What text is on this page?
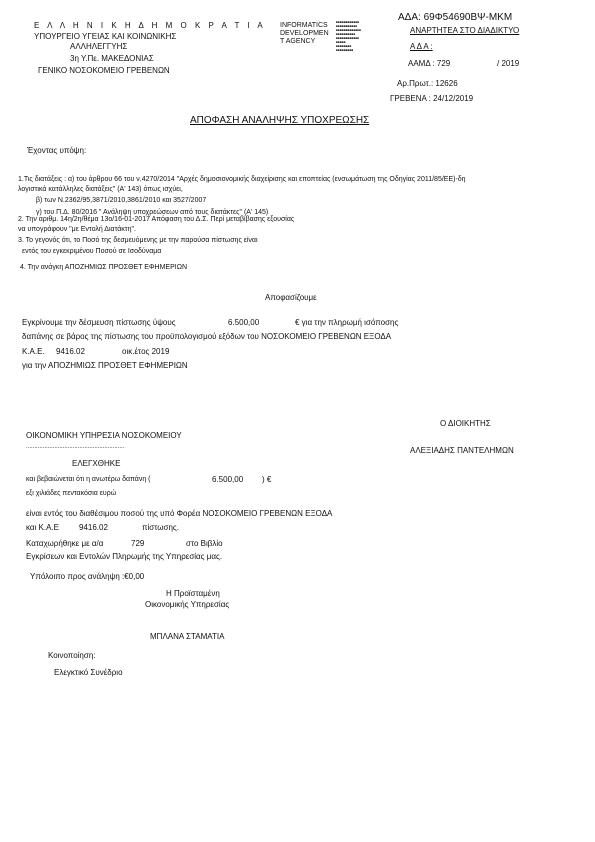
Ε Λ Λ Η Ν Ι Κ Η Δ Η Μ Ο Κ Ρ Α Τ Ι Α
ΥΠΟΥΡΓΕΙΟ ΥΓΕΙΑΣ ΚΑΙ ΚΟΙΝΩΝΙΚΗΣ
ΑΛΛΗΛΕΓΓΥΗΣ
3η Υ.Πε. ΜΑΚΕΔΟΝΙΑΣ
ΓΕΝΙΚΟ ΝΟΣΟΚΟΜΕΙΟ ΓΡΕΒΕΝΩΝ
INFORMATICS
DEVELOPMEN
T AGENCY
■■■■■■■■■■■■
■■■■■■■■■■■
■■■■■■■■■■■■■
■■■■■■■■■■
■■■■■■■■■■■■
■■■■■
■■■■■■■■
■■■■■■■■■
ΑΔΑ: 69Φ54690ΒΨ-ΜΚΜ
ΑΝΑΡΤΗΤΕΑ ΣΤΟ ΔΙΑΔΙΚΤΥΟ
Α Δ Α :
ΑΑΜΔ : 729	/ 2019
Αρ.Πρωτ.: 12626
ΓΡΕΒΕΝΑ : 24/12/2019
ΑΠΟΦΑΣΗ ΑΝΑΛΗΨΗΣ ΥΠΟΧΡΕΩΣΗΣ
Έχοντας υπόψη:
1.Τις διατάξεις : α) του άρθρου 66 του ν.4270/2014 "Αρχές δημοσιονομικής διαχείρισης και εποπτείας (ενσωμάτωση της Οδηγίας 2011/85/ΕΕ)-δη
λογιστικά κατάλληλες διατάξεις" (Α' 143) όπως ισχύει,
β) των Ν.2362/95,3871/2010,3861/2010 και 3527/2007
γ) του Π.Δ. 80/2016 " Ανάληψη υποχρεώσεων από τους διατάκτες" (Α' 145)
2. Την αριθμ. 14η/2η/θέμα 13ο/16-01-2017 Απόφαση του Δ.Σ. Περί μεταβίβασης εξουσίας
να υπογράφουν "με Εντολή Διατάκτη".
3. Το γεγονός ότι, το Ποσό της δεσμευόμενης με την παρούσα πίστωσης είναι
εντός του εγκεκριμένου Ποσού σε Ισοδύναμα
4. Την ανάγκη ΑΠΟΖΗΜΙΩΣ ΠΡΟΣΘΕΤ ΕΦΗΜΕΡΙΩΝ
Αποφασίζουμε
Εγκρίνουμε την δέσμευση πίστωσης ύψους	6.500,00	€ για την πληρωμή ισόποσης
δαπάνης σε βάρος της πίστωσης του προϋπολογισμού εξόδων του ΝΟΣΟΚΟΜΕΙΟ ΓΡΕΒΕΝΩΝ ΕΞΟΔΑ
Κ.Α.Ε. 9416.02	οικ.έτος 2019
για την ΑΠΟΖΗΜΙΩΣ ΠΡΟΣΘΕΤ ΕΦΗΜΕΡΙΩΝ
Ο ΔΙΟΙΚΗΤΗΣ
ΟΙΚΟΝΟΜΙΚΗ ΥΠΗΡΕΣΙΑ ΝΟΣΟΚΟΜΕΙΟΥ
...........................................................	ΑΛΕΞΙΑΔΗΣ ΠΑΝΤΕΛΗΜΩΝ
ΕΛΕΓΧΘΗΚΕ
και βεβαιώνεται ότι η ανωτέρω δαπάνη (	6.500,00 ) €
εξι χιλιάδες πεντακόσια ευρώ
είναι εντός του διαθέσιμου ποσού της υπό Φορέα ΝΟΣΟΚΟΜΕΙΟ ΓΡΕΒΕΝΩΝ ΕΞΟΔΑ
και Κ.Α.Ε	9416.02	πίστωσης.
Καταχωρήθηκε με α/α	729	στο Βιβλίο
Εγκρίσεων και Εντολών Πληρωμής της Υπηρεσίας μας.
Υπόλοιπο προς ανάληψη :€0,00
Η Προϊσταμένη
Οικονομικής Υπηρεσίας
ΜΠΛΑΝΑ ΣΤΑΜΑΤΙΑ
Κοινοποίηση:
Ελεγκτικό Συνέδριο
